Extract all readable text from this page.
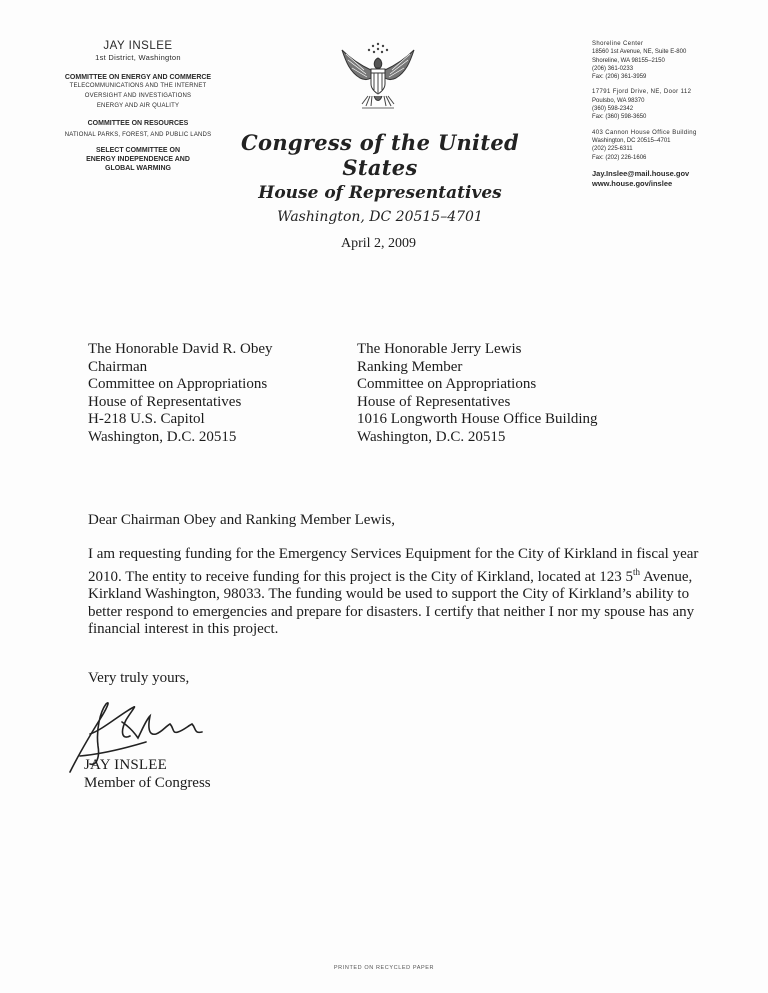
JAY INSLEE
1st District, Washington
COMMITTEE ON ENERGY AND COMMERCE
TELECOMMUNICATIONS AND THE INTERNET
OVERSIGHT AND INVESTIGATIONS
ENERGY AND AIR QUALITY
COMMITTEE ON RESOURCES
NATIONAL PARKS, FOREST, AND PUBLIC LANDS
SELECT COMMITTEE ON
ENERGY INDEPENDENCE AND
GLOBAL WARMING
Congress of the United States
House of Representatives
Washington, DC 20515–4701
Shoreline Center
18560 1st Avenue, NE, Suite E-800
Shoreline, WA 98155–2150
(206) 361-0233
Fax: (206) 361-3959
17791 Fjord Drive, NE, Door 112
Poulsbo, WA 98370
(360) 598-2342
Fax: (360) 598-3650
403 Cannon House Office Building
Washington, DC 20515–4701
(202) 225-6311
Fax: (202) 226-1606
Jay.Inslee@mail.house.gov
www.house.gov/inslee
April 2, 2009
The Honorable David R. Obey
Chairman
Committee on Appropriations
House of Representatives
H-218 U.S. Capitol
Washington, D.C. 20515
The Honorable Jerry Lewis
Ranking Member
Committee on Appropriations
House of Representatives
1016 Longworth House Office Building
Washington, D.C. 20515
Dear Chairman Obey and Ranking Member Lewis,
I am requesting funding for the Emergency Services Equipment for the City of Kirkland in fiscal year 2010. The entity to receive funding for this project is the City of Kirkland, located at 123 5th Avenue, Kirkland Washington, 98033. The funding would be used to support the City of Kirkland’s ability to better respond to emergencies and prepare for disasters. I certify that neither I nor my spouse has any financial interest in this project.
Very truly yours,
JAY INSLEE
Member of Congress
PRINTED ON RECYCLED PAPER
